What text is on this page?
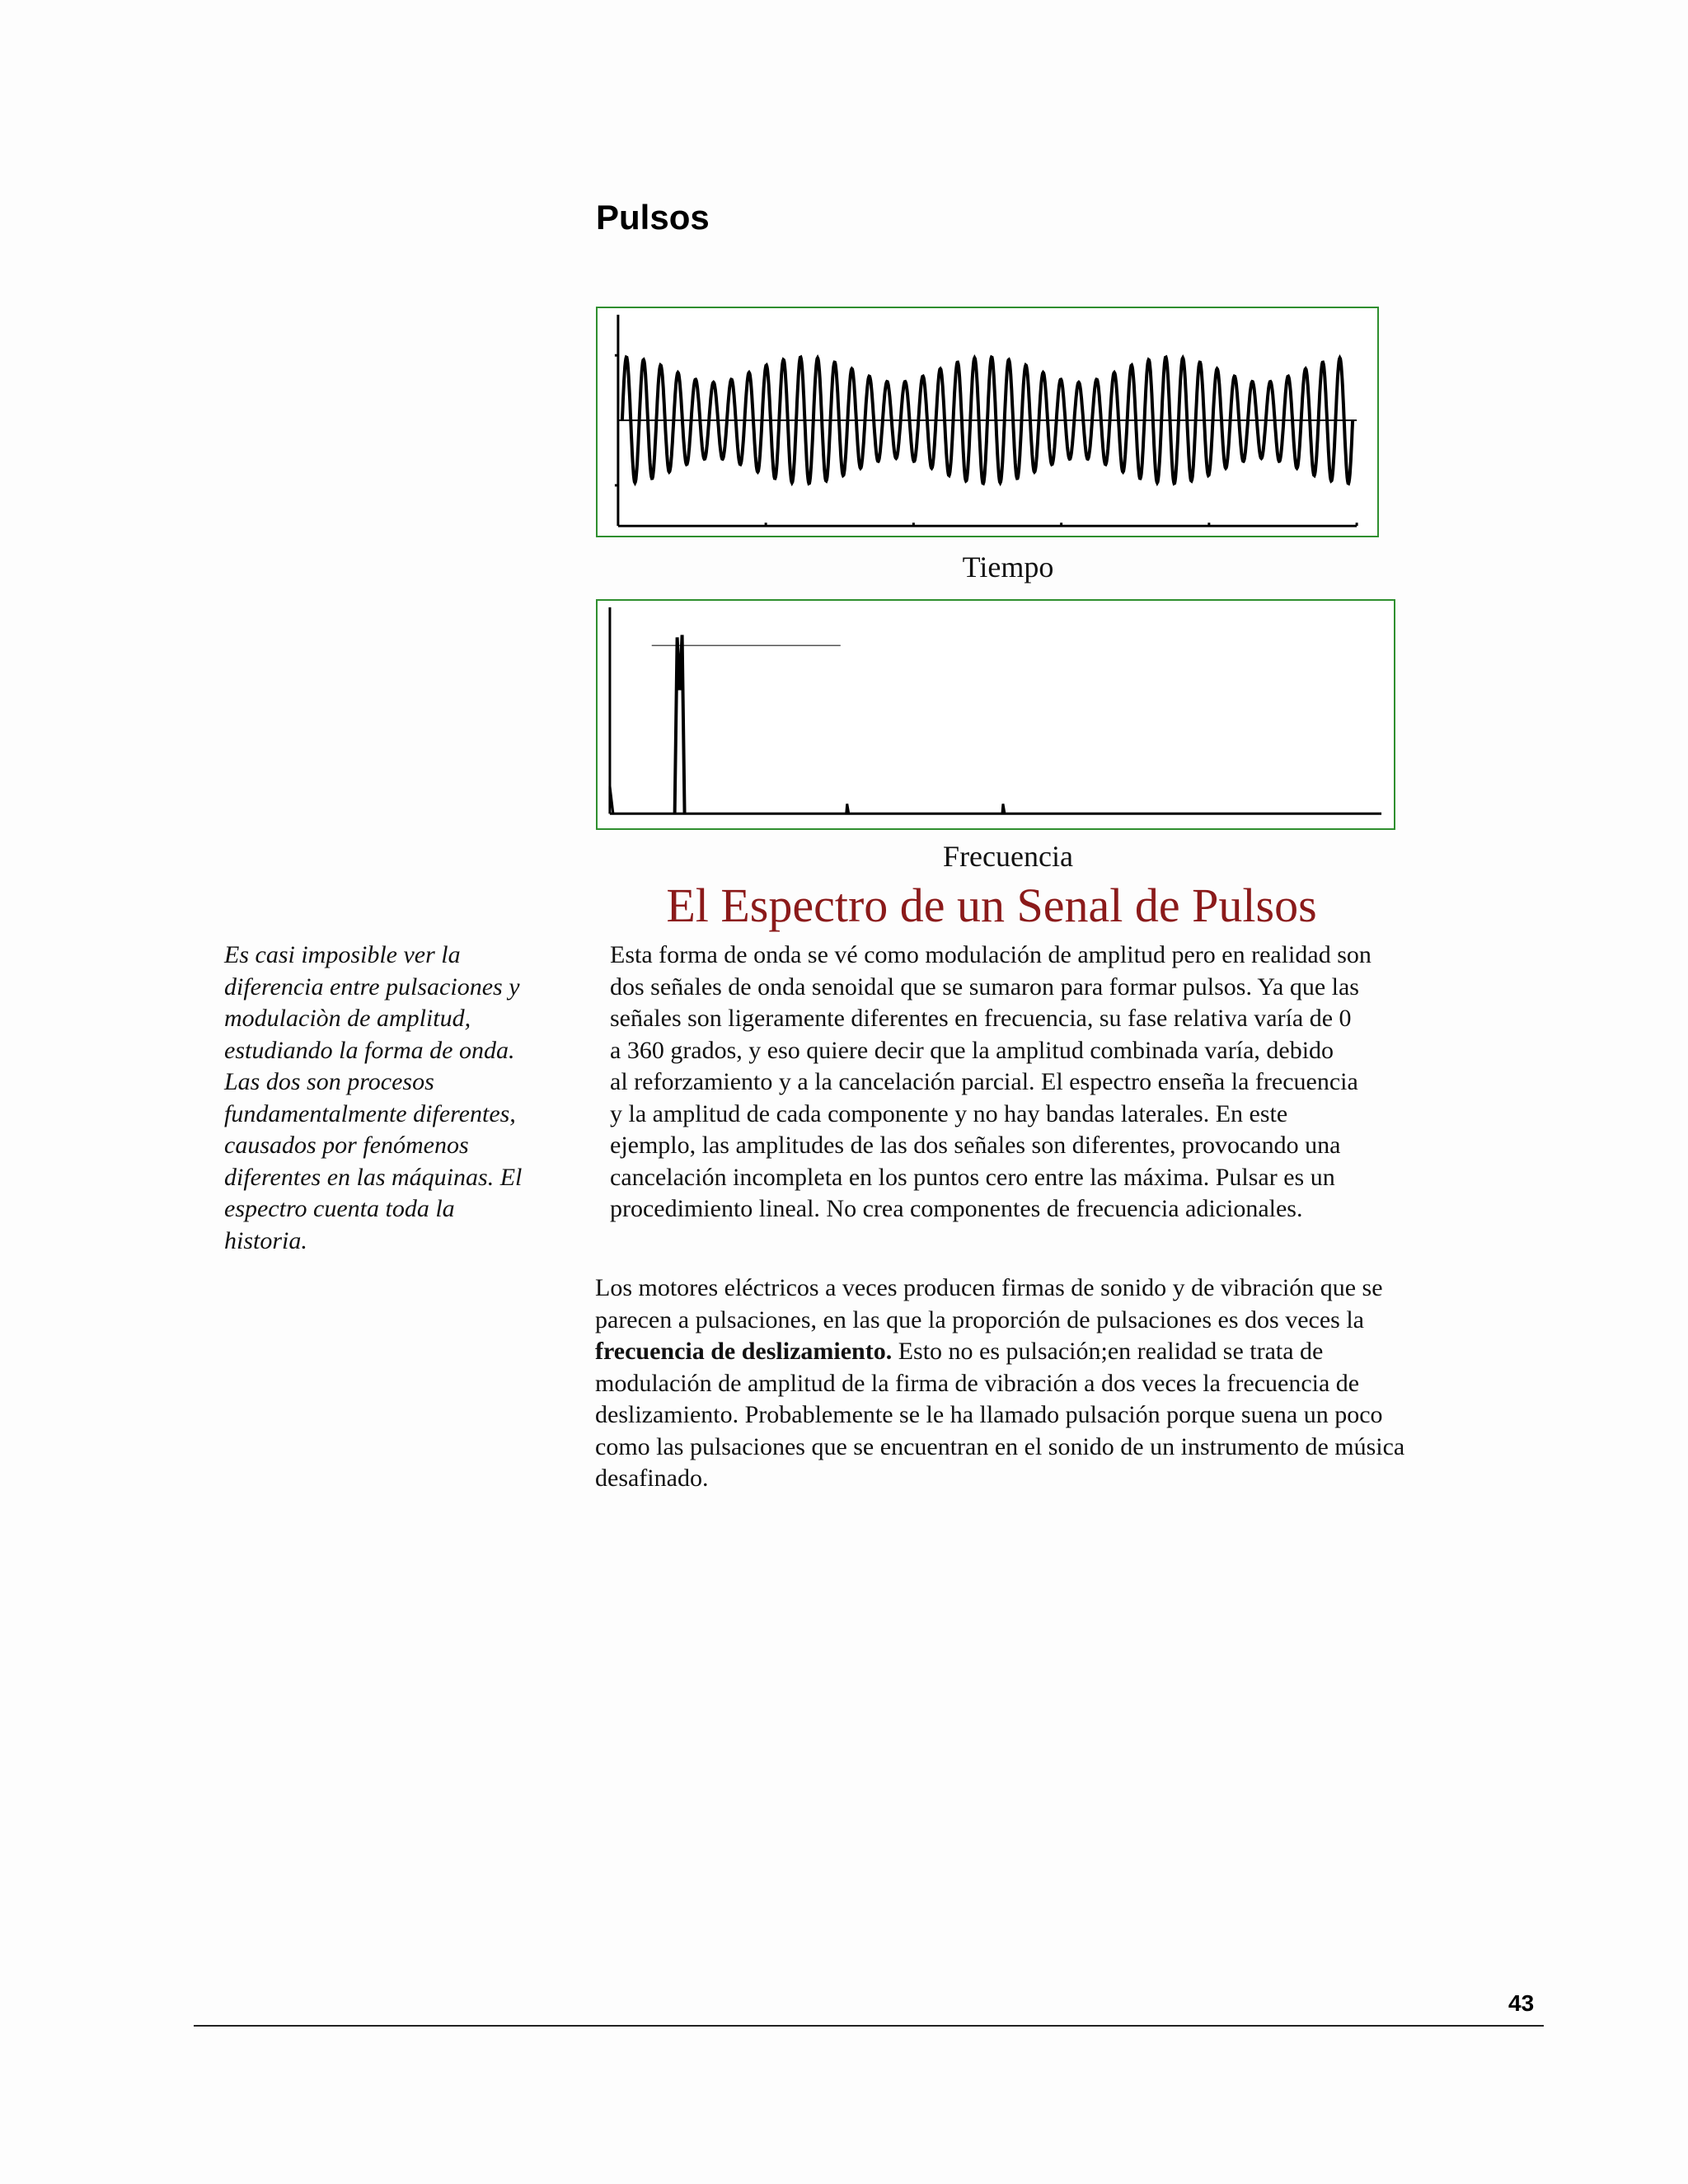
Pulsos
Tiempo
Frecuencia
El Espectro de un Senal de Pulsos
Es casi imposible ver la
diferencia entre pulsaciones y
modulaciòn de amplitud,
estudiando la forma de onda.
Las dos son procesos
fundamentalmente diferentes,
causados por fenómenos
diferentes en las máquinas. El
espectro cuenta toda la
historia.
Esta forma de onda se vé como modulación de amplitud pero en realidad son
dos señales de onda senoidal que se sumaron para formar pulsos. Ya que las
señales son ligeramente diferentes en frecuencia, su fase relativa varía de 0
a 360 grados, y eso quiere decir que la amplitud combinada varía, debido
al reforzamiento y a la cancelación parcial. El espectro enseña la frecuencia
y la amplitud de cada componente y no hay bandas laterales. En este
ejemplo, las amplitudes de las dos señales son diferentes, provocando una
cancelación incompleta en los puntos cero entre las máxima. Pulsar es un
procedimiento lineal. No crea componentes de frecuencia adicionales.
Los motores eléctricos a veces producen firmas de sonido y de vibración que se
parecen a pulsaciones, en las que la proporción de pulsaciones es dos veces la
frecuencia de deslizamiento. Esto no es pulsación;en realidad se trata de
modulación de amplitud de la firma de vibración a dos veces la frecuencia de
deslizamiento. Probablemente se le ha llamado pulsación porque suena un poco
como las pulsaciones que se encuentran en el sonido de un instrumento de música
desafinado.
43
